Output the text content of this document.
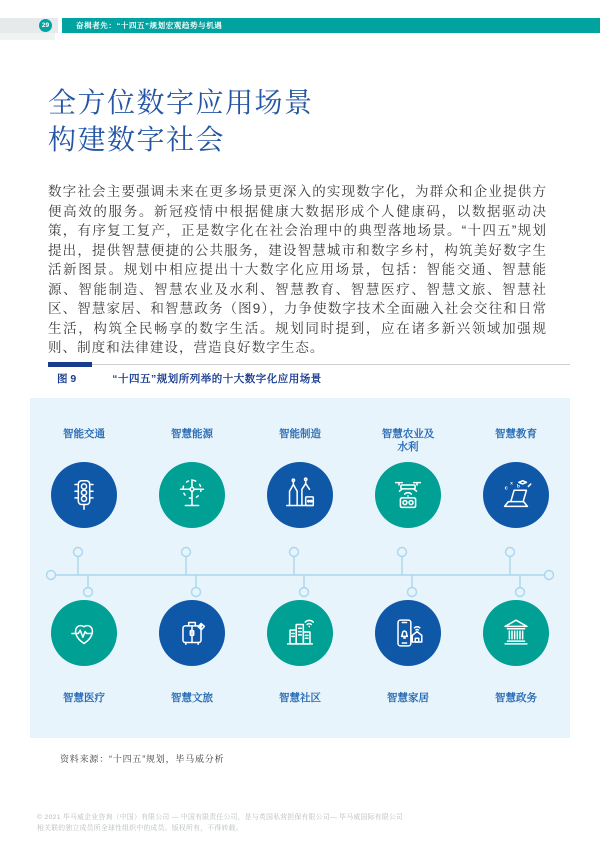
29	奋楫者先：“十四五”规划宏观趋势与机遇
全方位数字应用场景
构建数字社会
数字社会主要强调未来在更多场景更深入的实现数字化，为群众和企业提供方便高效的服务。新冠疫情中根据健康大数据形成个人健康码，以数据驱动决策，有序复工复产，正是数字化在社会治理中的典型落地场景。“十四五”规划提出，提供智慧便捷的公共服务，建设智慧城市和数字乡村，构筑美好数字生活新图景。规划中相应提出十大数字化应用场景，包括：智能交通、智慧能源、智能制造、智慧农业及水利、智慧教育、智慧医疗、智慧文旅、智慧社区、智慧家居、和智慧政务（图9），力争使数字技术全面融入社会交往和日常生活，构筑全民畅享的数字生活。规划同时提到，应在诸多新兴领域加强规则、制度和法律建设，营造良好数字生态。
图 9	“十四五”规划所列举的十大数字化应用场景
智能交通	智慧能源	智能制造	智慧农业及水利
智慧教育
c
x
b
智慧医疗	智慧文旅	智慧社区	智慧家居	智慧政务
资料来源：“十四五”规划，毕马威分析
© 2021 毕马威企业咨询（中国）有限公司 — 中国有限责任公司，是与英国私营担保有限公司— 毕马威国际有限公司
相关联的独立成员所全球性组织中的成员。版权所有，不得转载。
